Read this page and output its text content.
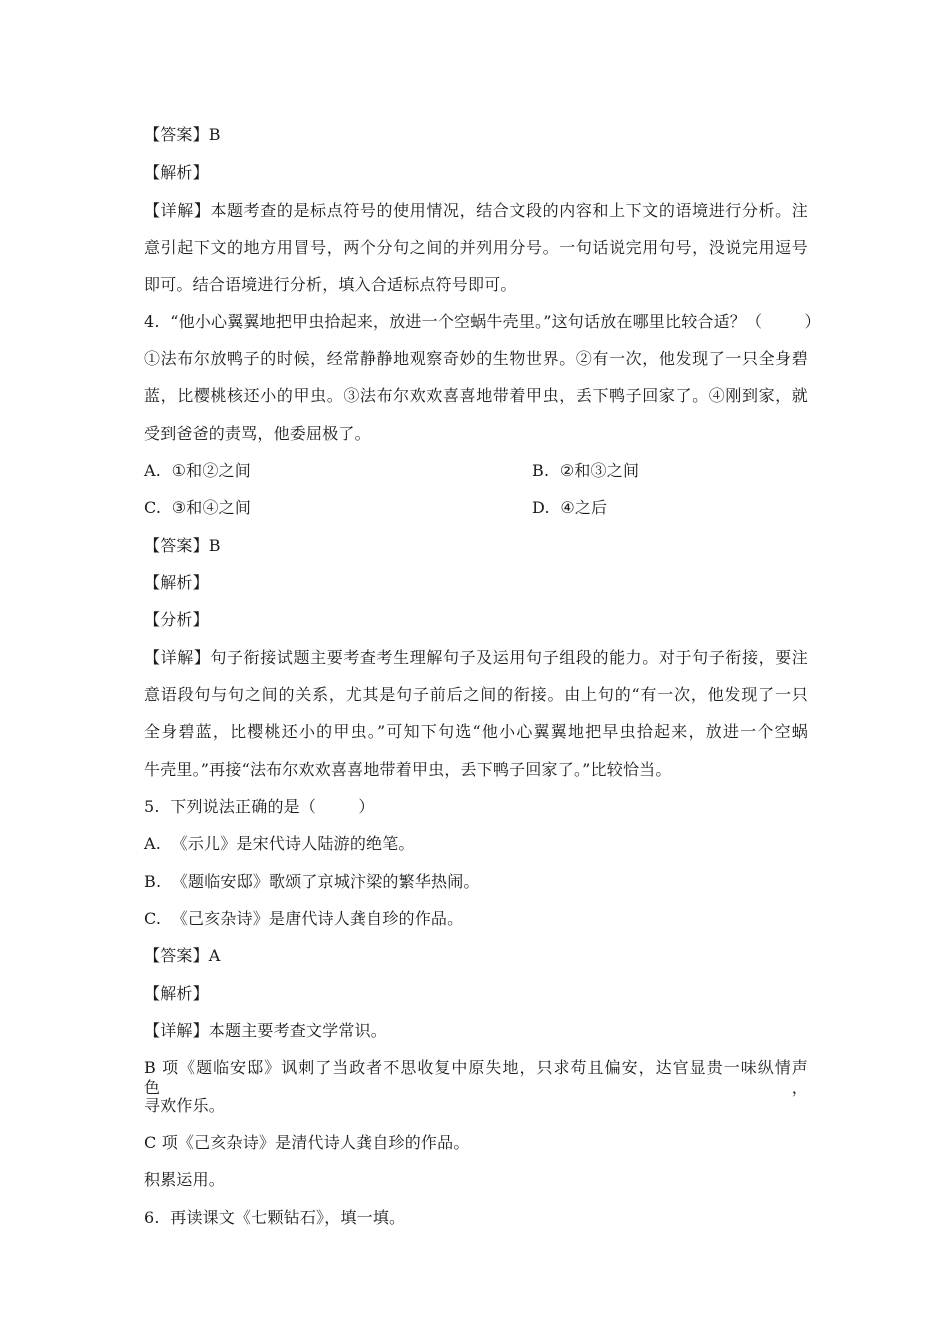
【答案】B
【解析】
【详解】本题考查的是标点符号的使用情况，结合文段的内容和上下文的语境进行分析。注
意引起下文的地方用冒号，两个分句之间的并列用分号。一句话说完用句号，没说完用逗号
即可。结合语境进行分析，填入合适标点符号即可。
4.  “他小心翼翼地把甲虫拾起来，放进一个空蜗牛壳里。”这句话放在哪里比较合适？（        ）
①法布尔放鸭子的时候，经常静静地观察奇妙的生物世界。②有一次，他发现了一只全身碧
蓝，比樱桃核还小的甲虫。③法布尔欢欢喜喜地带着甲虫，丢下鸭子回家了。④刚到家，就
受到爸爸的责骂，他委屈极了。
A.  ①和②之间	B.  ②和③之间
C.  ③和④之间	D.  ④之后
【答案】B
【解析】
【分析】
【详解】句子衔接试题主要考查考生理解句子及运用句子组段的能力。对于句子衔接，要注
意语段句与句之间的关系，尤其是句子前后之间的衔接。由上句的“有一次，他发现了一只
全身碧蓝，比樱桃还小的甲虫。”可知下句选“他小心翼翼地把早虫拾起来，放进一个空蜗
牛壳里。”再接“法布尔欢欢喜喜地带着甲虫，丢下鸭子回家了。”比较恰当。
5.  下列说法正确的是（        ）
A.  《示儿》是宋代诗人陆游的绝笔。
B.  《题临安邸》歌颂了京城汴梁的繁华热闹。
C.  《己亥杂诗》是唐代诗人龚自珍的作品。
【答案】A
【解析】
【详解】本题主要考查文学常识。
B 项《题临安邸》讽刺了当政者不思收复中原失地，只求苟且偏安，达官显贵一味纵情声色，
寻欢作乐。
C 项《己亥杂诗》是清代诗人龚自珍的作品。
积累运用。
6.  再读课文《七颗钻石》，填一填。
